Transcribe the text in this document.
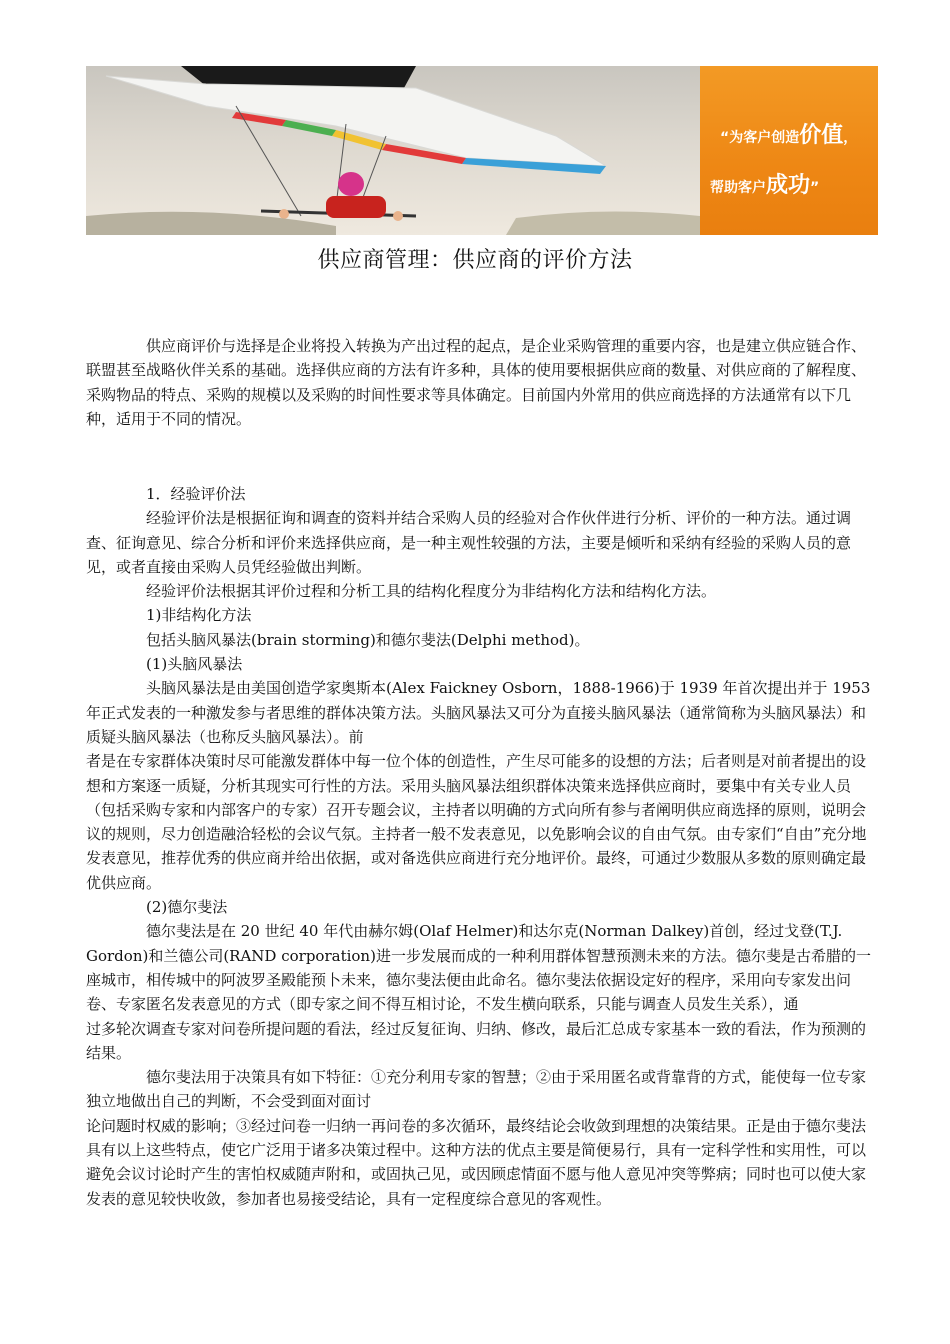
“为客户创造价值，
帮助客户成功”
供应商管理：供应商的评价方法

供应商评价与选择是企业将投入转换为产出过程的起点，是企业采购管理的重要内容，也是建立供应链合作、联盟甚至战略伙伴关系的基础。选择供应商的方法有许多种，具体的使用要根据供应商的数量、对供应商的了解程度、采购物品的特点、采购的规模以及采购的时间性要求等具体确定。目前国内外常用的供应商选择的方法通常有以下几种，适用于不同的情况。

1．经验评价法

经验评价法是根据征询和调查的资料并结合采购人员的经验对合作伙伴进行分析、评价的一种方法。通过调查、征询意见、综合分析和评价来选择供应商，是一种主观性较强的方法，主要是倾听和采纳有经验的采购人员的意见，或者直接由采购人员凭经验做出判断。

经验评价法根据其评价过程和分析工具的结构化程度分为非结构化方法和结构化方法。

1)非结构化方法

包括头脑风暴法(brain storming)和德尔斐法(Delphi method)。

(1)头脑风暴法

头脑风暴法是由美国创造学家奥斯本(Alex Faickney Osborn，1888-1966)于 1939 年首次提出并于 1953 年正式发表的一种激发参与者思维的群体决策方法。头脑风暴法又可分为直接头脑风暴法（通常简称为头脑风暴法）和质疑头脑风暴法（也称反头脑风暴法）。前

者是在专家群体决策时尽可能激发群体中每一位个体的创造性，产生尽可能多的设想的方法；后者则是对前者提出的设想和方案逐一质疑，分析其现实可行性的方法。采用头脑风暴法组织群体决策来选择供应商时，要集中有关专业人员（包括采购专家和内部客户的专家）召开专题会议，主持者以明确的方式向所有参与者阐明供应商选择的原则，说明会议的规则，尽力创造融洽轻松的会议气氛。主持者一般不发表意见，以免影响会议的自由气氛。由专家们“自由”充分地发表意见，推荐优秀的供应商并给出依据，或对备选供应商进行充分地评价。最终，可通过少数服从多数的原则确定最优供应商。

(2)德尔斐法

德尔斐法是在 20 世纪 40 年代由赫尔姆(Olaf Helmer)和达尔克(Norman Dalkey)首创，经过戈登(T.J. Gordon)和兰德公司(RAND corporation)进一步发展而成的一种利用群体智慧预测未来的方法。德尔斐是古希腊的一座城市，相传城中的阿波罗圣殿能预卜未来，德尔斐法便由此命名。德尔斐法依据设定好的程序，采用向专家发出问卷、专家匿名发表意见的方式（即专家之间不得互相讨论，不发生横向联系，只能与调查人员发生关系），通

过多轮次调查专家对问卷所提问题的看法，经过反复征询、归纳、修改，最后汇总成专家基本一致的看法，作为预测的结果。

德尔斐法用于决策具有如下特征：①充分利用专家的智慧；②由于采用匿名或背靠背的方式，能使每一位专家独立地做出自己的判断，不会受到面对面讨

论问题时权威的影响；③经过问卷一归纳一再问卷的多次循环，最终结论会收敛到理想的决策结果。正是由于德尔斐法具有以上这些特点，使它广泛用于诸多决策过程中。这种方法的优点主要是简便易行，具有一定科学性和实用性，可以避免会议讨论时产生的害怕权威随声附和，或固执己见，或因顾虑情面不愿与他人意见冲突等弊病；同时也可以使大家发表的意见较快收敛，参加者也易接受结论，具有一定程度综合意见的客观性。
